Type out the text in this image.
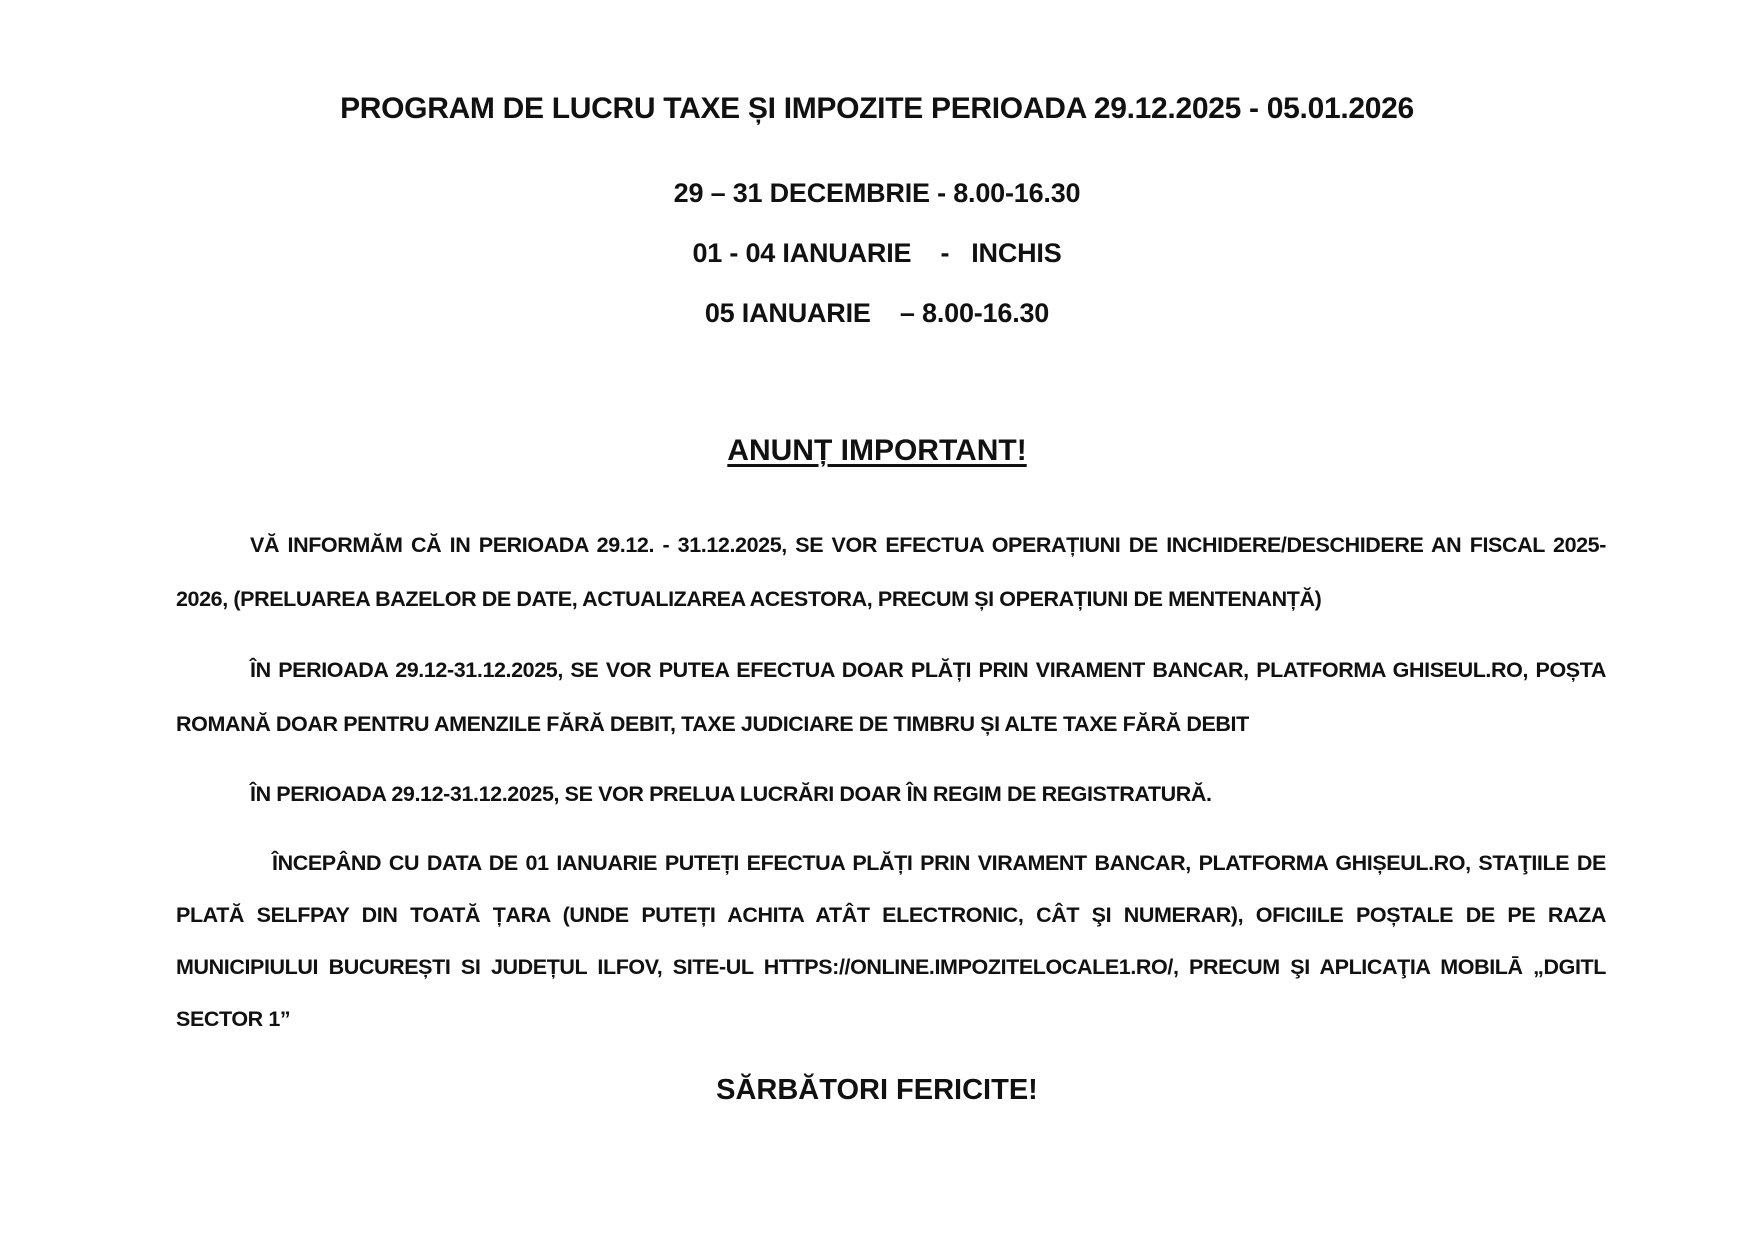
PROGRAM DE LUCRU TAXE ȘI IMPOZITE PERIOADA 29.12.2025 - 05.01.2026
29 – 31 DECEMBRIE - 8.00-16.30
01 - 04 IANUARIE    -   INCHIS
05 IANUARIE    – 8.00-16.30
ANUNȚ IMPORTANT!
VĂ INFORMĂM CĂ IN PERIOADA 29.12. - 31.12.2025, SE VOR EFECTUA OPERAȚIUNI DE INCHIDERE/DESCHIDERE AN FISCAL 2025-2026, (PRELUAREA BAZELOR DE DATE, ACTUALIZAREA ACESTORA, PRECUM ȘI OPERAȚIUNI DE MENTENANȚĂ)
ÎN PERIOADA 29.12-31.12.2025, SE VOR PUTEA EFECTUA DOAR PLĂȚI PRIN VIRAMENT BANCAR, PLATFORMA GHISEUL.RO, POȘTA ROMANĂ DOAR PENTRU AMENZILE FĂRĂ DEBIT, TAXE JUDICIARE DE TIMBRU ȘI ALTE TAXE FĂRĂ DEBIT
ÎN PERIOADA 29.12-31.12.2025, SE VOR PRELUA LUCRĂRI DOAR ÎN REGIM DE REGISTRATURĂ.
ÎNCEPÂND CU DATA DE 01 IANUARIE PUTEȚI EFECTUA PLĂȚI PRIN VIRAMENT BANCAR, PLATFORMA GHIȘEUL.RO, STAŢIILE DE PLATĂ SELFPAY DIN TOATĂ ȚARA (UNDE PUTEȚI ACHITA ATÂT ELECTRONIC, CÂT ŞI NUMERAR), OFICIILE POȘTALE DE PE RAZA MUNICIPIULUI BUCUREȘTI SI JUDEȚUL ILFOV, SITE-UL HTTPS://ONLINE.IMPOZITELOCALE1.RO/, PRECUM ŞI APLICAŢIA MOBILĀ „DGITL SECTOR 1”
SĂRBĂTORI FERICITE!
